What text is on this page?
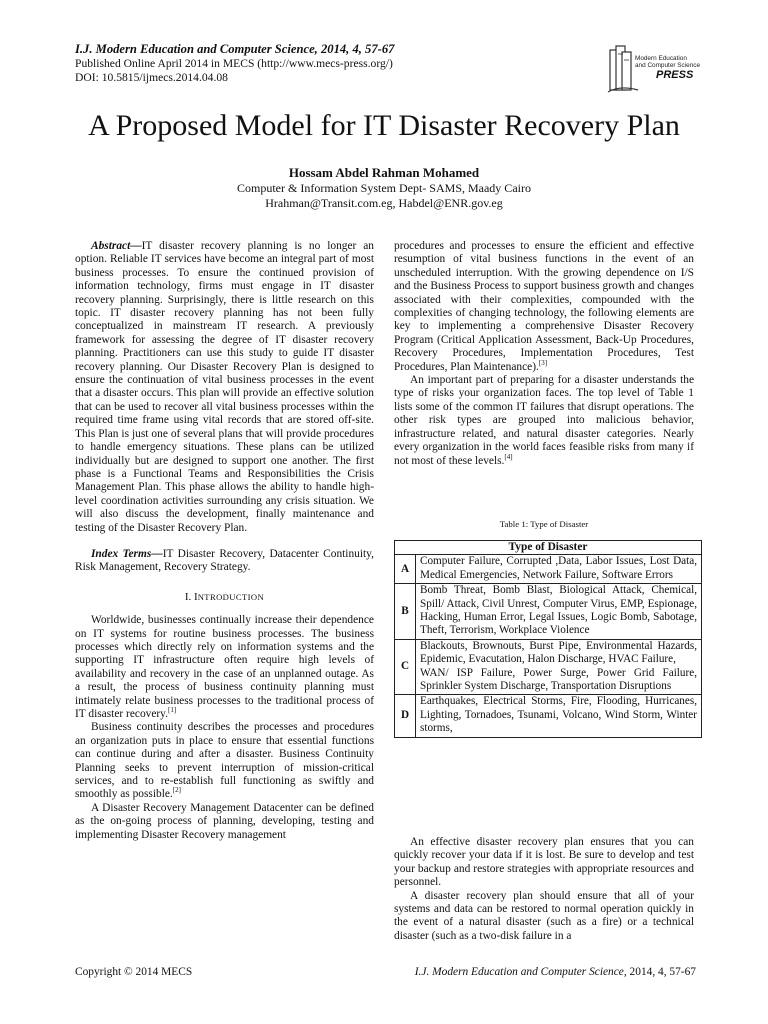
I.J. Modern Education and Computer Science, 2014, 4, 57-67
Published Online April 2014 in MECS (http://www.mecs-press.org/)
DOI: 10.5815/ijmecs.2014.04.08
Modern Education
and Computer Science
PRESS
A Proposed Model for IT Disaster Recovery Plan
Hossam Abdel Rahman Mohamed
Computer & Information System Dept- SAMS, Maady Cairo
Hrahman@Transit.com.eg, Habdel@ENR.gov.eg

Abstract—IT disaster recovery planning is no longer an option. Reliable IT services have become an integral part of most business processes. To ensure the continued provision of information technology, firms must engage in IT disaster recovery planning. Surprisingly, there is little research on this topic. IT disaster recovery planning has not been fully conceptualized in mainstream IT research. A previously framework for assessing the degree of IT disaster recovery planning. Practitioners can use this study to guide IT disaster recovery planning. Our Disaster Recovery Plan is designed to ensure the continuation of vital business processes in the event that a disaster occurs. This plan will provide an effective solution that can be used to recover all vital business processes within the required time frame using vital records that are stored off-site. This Plan is just one of several plans that will provide procedures to handle emergency situations. These plans can be utilized individually but are designed to support one another. The first phase is a Functional Teams and Responsibilities the Crisis Management Plan. This phase allows the ability to handle high-level coordination activities surrounding any crisis situation. We will also discuss the development, finally maintenance and testing of the Disaster Recovery Plan.

Index Terms—IT Disaster Recovery, Datacenter Continuity, Risk Management, Recovery Strategy.

I. INTRODUCTION

Worldwide, businesses continually increase their dependence on IT systems for routine business processes. The business processes which directly rely on information systems and the supporting IT infrastructure often require high levels of availability and recovery in the case of an unplanned outage. As a result, the process of business continuity planning must intimately relate business processes to the traditional process of IT disaster recovery.[1]

Business continuity describes the processes and procedures an organization puts in place to ensure that essential functions can continue during and after a disaster. Business Continuity Planning seeks to prevent interruption of mission-critical services, and to re-establish full functioning as swiftly and smoothly as possible.[2]

A Disaster Recovery Management Datacenter can be defined as the on-going process of planning, developing, testing and implementing Disaster Recovery management

procedures and processes to ensure the efficient and effective resumption of vital business functions in the event of an unscheduled interruption. With the growing dependence on I/S and the Business Process to support business growth and changes associated with their complexities, compounded with the complexities of changing technology, the following elements are key to implementing a comprehensive Disaster Recovery Program (Critical Application Assessment, Back-Up Procedures, Recovery Procedures, Implementation Procedures, Test Procedures, Plan Maintenance).[3]

An important part of preparing for a disaster understands the type of risks your organization faces. The top level of Table 1 lists some of the common IT failures that disrupt operations. The other risk types are grouped into malicious behavior, infrastructure related, and natural disaster categories. Nearly every organization in the world faces feasible risks from many if not most of these levels.[4]

Table 1: Type of Disaster
Type of Disaster	
A	Computer Failure, Corrupted ,Data, Labor Issues, Lost Data, Medical Emergencies, Network Failure, Software Errors
B	Bomb Threat, Bomb Blast, Biological Attack, Chemical, Spill/ Attack, Civil Unrest, Computer Virus, EMP, Espionage, Hacking, Human Error, Legal Issues, Logic Bomb, Sabotage, Theft, Terrorism, Workplace Violence
C	Blackouts, Brownouts, Burst Pipe, Environmental Hazards, Epidemic, Evacutation, Halon Discharge, HVAC Failure,
WAN/ ISP Failure, Power Surge, Power Grid Failure, Sprinkler System Discharge, Transportation Disruptions

D	Earthquakes, Electrical Storms, Fire, Flooding, Hurricanes, Lighting, Tornadoes, Tsunami, Volcano, Wind Storm, Winter storms,

An effective disaster recovery plan ensures that you can quickly recover your data if it is lost. Be sure to develop and test your backup and restore strategies with appropriate resources and personnel.

A disaster recovery plan should ensure that all of your systems and data can be restored to normal operation quickly in the event of a natural disaster (such as a fire) or a technical disaster (such as a two-disk failure in a

Copyright © 2014 MECS	I.J. Modern Education and Computer Science, 2014, 4, 57-67
